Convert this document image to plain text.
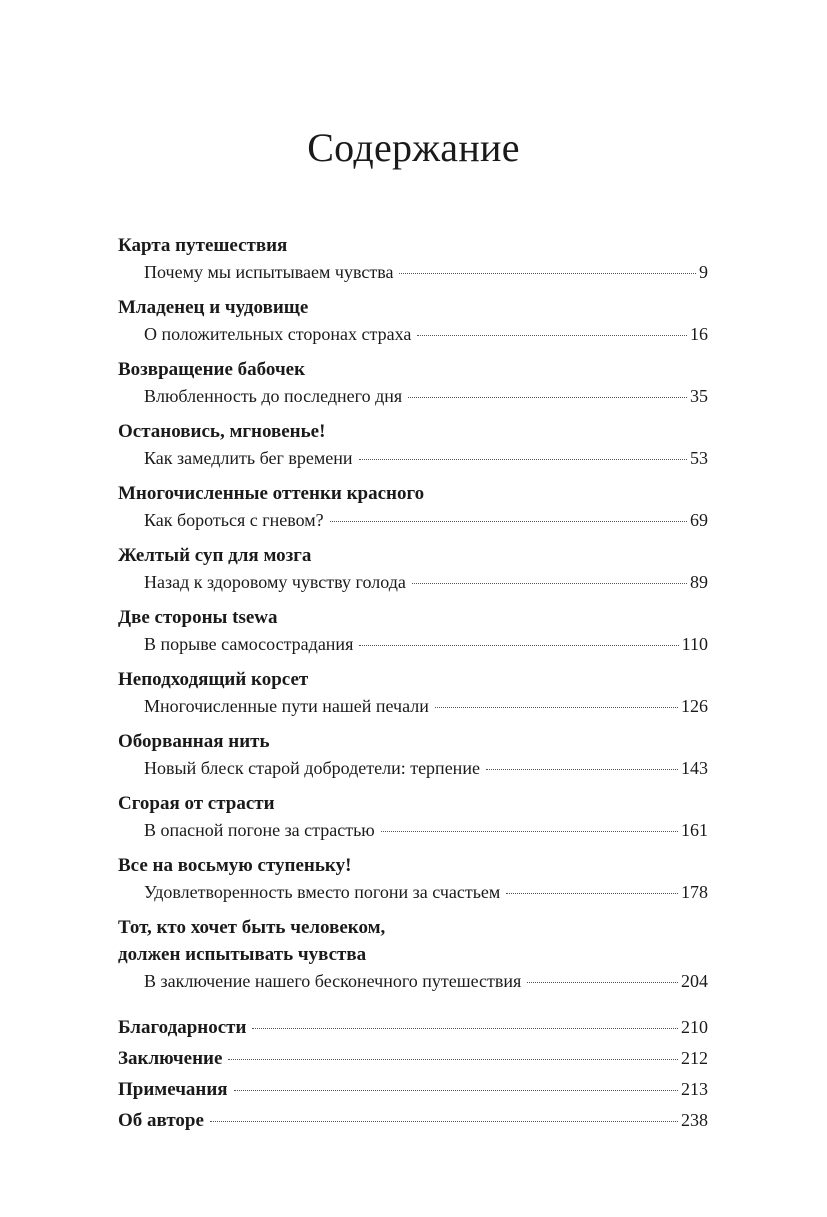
Содержание
Карта путешествия
Почему мы испытываем чувства	9
Младенец и чудовище
О положительных сторонах страха	16
Возвращение бабочек
Влюбленность до последнего дня	35
Остановись, мгновенье!
Как замедлить бег времени	53
Многочисленные оттенки красного
Как бороться с гневом?	69
Желтый суп для мозга
Назад к здоровому чувству голода	89
Две стороны tsewa
В порыве самосострадания	110
Неподходящий корсет
Многочисленные пути нашей печали	126
Оборванная нить
Новый блеск старой добродетели: терпение	143
Сгорая от страсти
В опасной погоне за страстью	161
Все на восьмую ступеньку!
Удовлетворенность вместо погони за счастьем	178
Тот, кто хочет быть человеком,
должен испытывать чувства
В заключение нашего бесконечного путешествия	204
Благодарности	210
Заключение	212
Примечания	213
Об авторе	238
